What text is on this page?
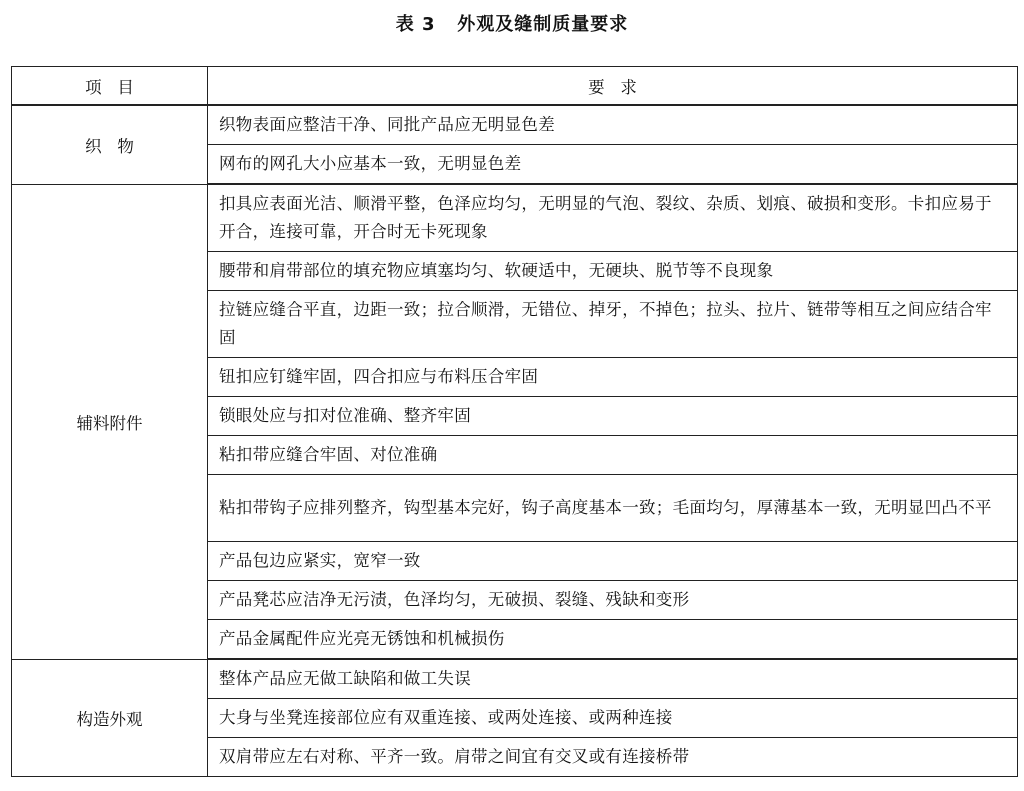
表 3   外观及缝制质量要求
项   目	要   求
织   物	织物表面应整洁干净、同批产品应无明显色差
	网布的网孔大小应基本一致，无明显色差
辅料附件	扣具应表面光洁、顺滑平整，色泽应均匀，无明显的气泡、裂纹、杂质、划痕、破损和变形。卡扣应易于开合，连接可靠，开合时无卡死现象
	腰带和肩带部位的填充物应填塞均匀、软硬适中，无硬块、脱节等不良现象
	拉链应缝合平直，边距一致；拉合顺滑，无错位、掉牙，不掉色；拉头、拉片、链带等相互之间应结合牢固
	钮扣应钉缝牢固，四合扣应与布料压合牢固
	锁眼处应与扣对位准确、整齐牢固
	粘扣带应缝合牢固、对位准确
	粘扣带钩子应排列整齐，钩型基本完好，钩子高度基本一致；毛面均匀，厚薄基本一致，无明显凹凸不平
	产品包边应紧实，宽窄一致
	产品凳芯应洁净无污渍，色泽均匀，无破损、裂缝、残缺和变形
	产品金属配件应光亮无锈蚀和机械损伤
构造外观	整体产品应无做工缺陷和做工失误
	大身与坐凳连接部位应有双重连接、或两处连接、或两种连接
	双肩带应左右对称、平齐一致。肩带之间宜有交叉或有连接桥带
